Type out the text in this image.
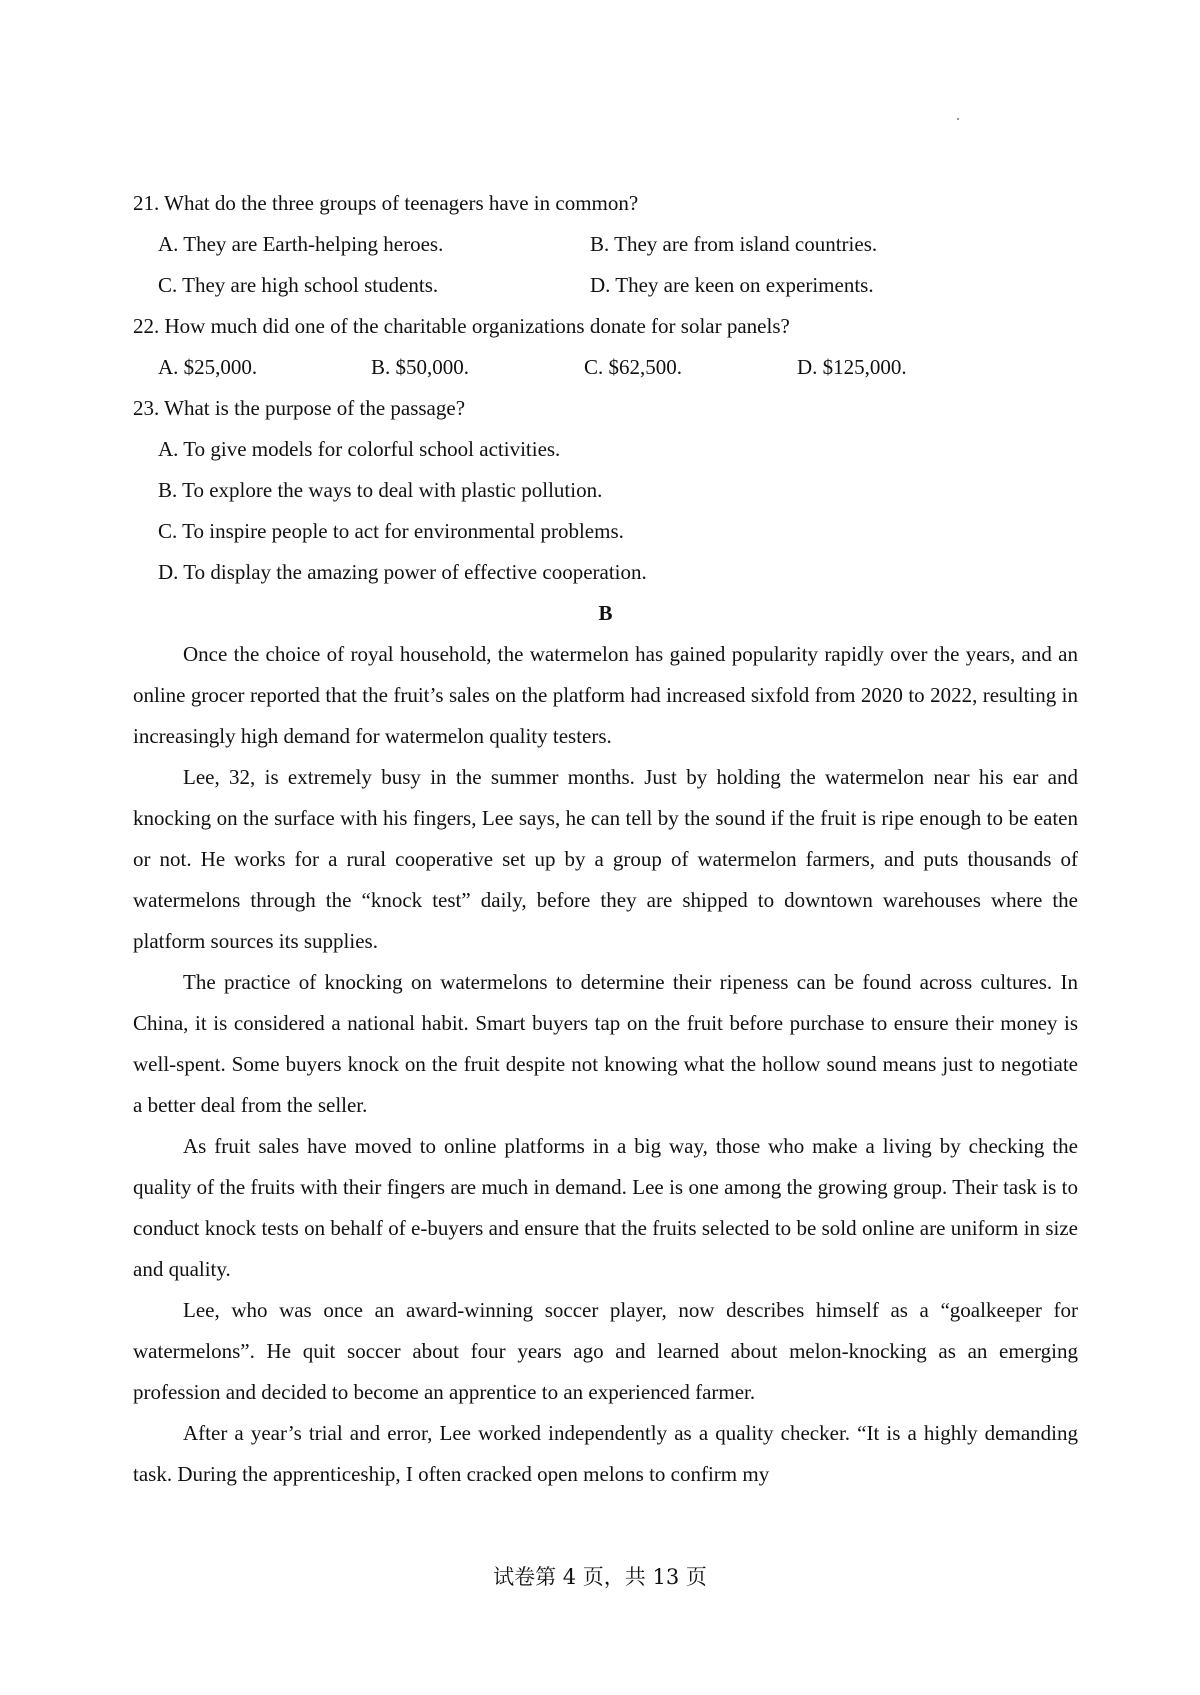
21. What do the three groups of teenagers have in common?
A. They are Earth-helping heroes.	B. They are from island countries.
C. They are high school students.	D. They are keen on experiments.
22. How much did one of the charitable organizations donate for solar panels?
A. $25,000.	B. $50,000.	C. $62,500.	D. $125,000.
23. What is the purpose of the passage?
A. To give models for colorful school activities.
B. To explore the ways to deal with plastic pollution.
C. To inspire people to act for environmental problems.
D. To display the amazing power of effective cooperation.
B

Once the choice of royal household, the watermelon has gained popularity rapidly over the years, and an online grocer reported that the fruit’s sales on the platform had increased sixfold from 2020 to 2022, resulting in increasingly high demand for watermelon quality testers.

Lee, 32, is extremely busy in the summer months. Just by holding the watermelon near his ear and knocking on the surface with his fingers, Lee says, he can tell by the sound if the fruit is ripe enough to be eaten or not. He works for a rural cooperative set up by a group of watermelon farmers, and puts thousands of watermelons through the “knock test” daily, before they are shipped to downtown warehouses where the platform sources its supplies.

The practice of knocking on watermelons to determine their ripeness can be found across cultures. In China, it is considered a national habit. Smart buyers tap on the fruit before purchase to ensure their money is well-spent. Some buyers knock on the fruit despite not knowing what the hollow sound means just to negotiate a better deal from the seller.

As fruit sales have moved to online platforms in a big way, those who make a living by checking the quality of the fruits with their fingers are much in demand. Lee is one among the growing group. Their task is to conduct knock tests on behalf of e-buyers and ensure that the fruits selected to be sold online are uniform in size and quality.

Lee, who was once an award-winning soccer player, now describes himself as a “goalkeeper for watermelons”. He quit soccer about four years ago and learned about melon-knocking as an emerging profession and decided to become an apprentice to an experienced farmer.

After a year’s trial and error, Lee worked independently as a quality checker. “It is a highly demanding task. During the apprenticeship, I often cracked open melons to confirm my

试卷第 4 页，共 13 页
